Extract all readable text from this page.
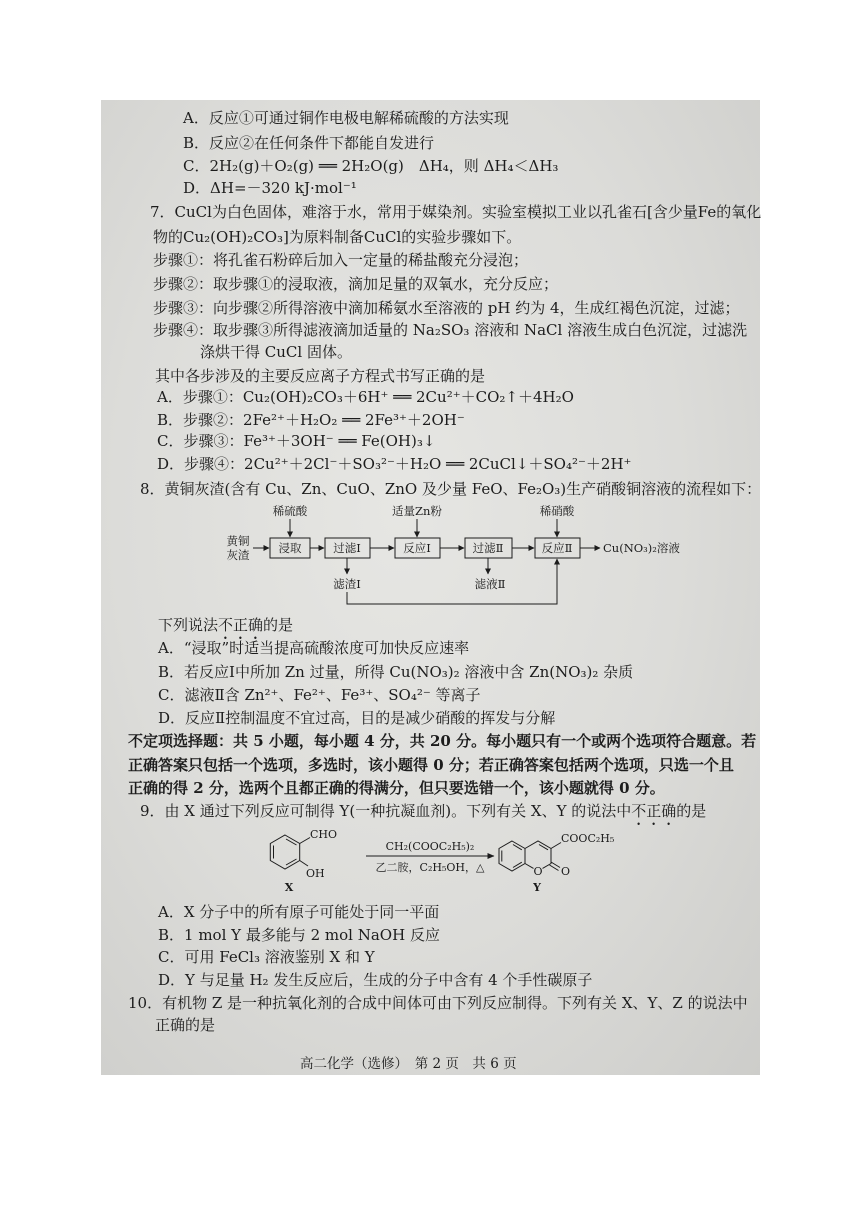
A．反应①可通过铜作电极电解稀硫酸的方法实现
B．反应②在任何条件下都能自发进行
C．2H₂(g)＋O₂(g) ══ 2H₂O(g)　ΔH₄，则 ΔH₄＜ΔH₃
D．ΔH=－320 kJ·mol⁻¹
7．CuCl为白色固体，难溶于水，常用于媒染剂。实验室模拟工业以孔雀石[含少量Fe的氧化
物的Cu₂(OH)₂CO₃]为原料制备CuCl的实验步骤如下。
步骤①：将孔雀石粉碎后加入一定量的稀盐酸充分浸泡；
步骤②：取步骤①的浸取液，滴加足量的双氧水，充分反应；
步骤③：向步骤②所得溶液中滴加稀氨水至溶液的 pH 约为 4，生成红褐色沉淀，过滤；
步骤④：取步骤③所得滤液滴加适量的 Na₂SO₃ 溶液和 NaCl 溶液生成白色沉淀，过滤洗
涤烘干得 CuCl 固体。
其中各步涉及的主要反应离子方程式书写正确的是
A．步骤①：Cu₂(OH)₂CO₃＋6H⁺ ══ 2Cu²⁺＋CO₂↑＋4H₂O
B．步骤②：2Fe²⁺＋H₂O₂ ══ 2Fe³⁺＋2OH⁻
C．步骤③：Fe³⁺＋3OH⁻ ══ Fe(OH)₃↓
D．步骤④：2Cu²⁺＋2Cl⁻＋SO₃²⁻＋H₂O ══ 2CuCl↓＋SO₄²⁻＋2H⁺
8．黄铜灰渣(含有 Cu、Zn、CuO、ZnO 及少量 FeO、Fe₂O₃)生产硝酸铜溶液的流程如下：
黄铜
灰渣
稀硫酸	适量Zn粉	稀硝酸
浸取	过滤Ⅰ	反应Ⅰ	过滤Ⅱ	反应Ⅱ	Cu(NO₃)₂溶液
滤渣Ⅰ	滤液Ⅱ
下列说法不正确的是
A．“浸取”时适当提高硫酸浓度可加快反应速率
B．若反应Ⅰ中所加 Zn 过量，所得 Cu(NO₃)₂ 溶液中含 Zn(NO₃)₂ 杂质
C．滤液Ⅱ含 Zn²⁺、Fe²⁺、Fe³⁺、SO₄²⁻ 等离子
D．反应Ⅱ控制温度不宜过高，目的是减少硝酸的挥发与分解
不定项选择题：共 5 小题，每小题 4 分，共 20 分。每小题只有一个或两个选项符合题意。若
正确答案只包括一个选项，多选时，该小题得 0 分；若正确答案包括两个选项，只选一个且
正确的得 2 分，选两个且都正确的得满分，但只要选错一个，该小题就得 0 分。
9．由 X 通过下列反应可制得 Y(一种抗凝血剂)。下列有关 X、Y 的说法中不正确的是
CHO
OH
X
CH₂(COOC₂H₅)₂
乙二胺，C₂H₅OH，△	O O
COOC₂H₅
Y
A．X 分子中的所有原子可能处于同一平面
B．1 mol Y 最多能与 2 mol NaOH 反应
C．可用 FeCl₃ 溶液鉴别 X 和 Y
D．Y 与足量 H₂ 发生反应后，生成的分子中含有 4 个手性碳原子
10．有机物 Z 是一种抗氧化剂的合成中间体可由下列反应制得。下列有关 X、Y、Z 的说法中
正确的是
高二化学（选修）　第 2 页　共 6 页
